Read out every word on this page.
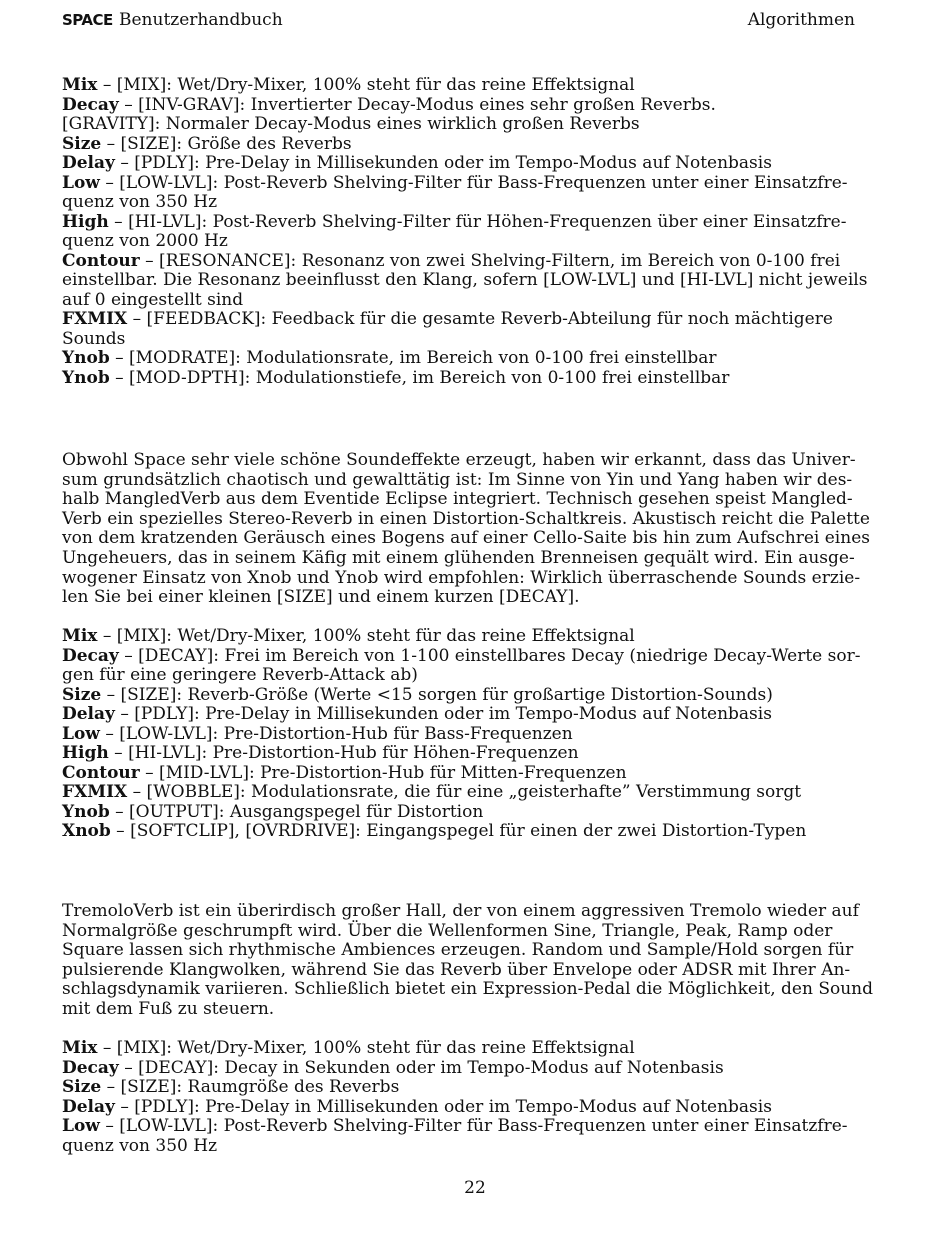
SPACE Benutzerhandbuch	Algorithmen
Mix – [MIX]: Wet/Dry-Mixer, 100% steht für das reine Effektsignal
Decay – [INV-GRAV]: Invertierter Decay-Modus eines sehr großen Reverbs.
[GRAVITY]: Normaler Decay-Modus eines wirklich großen Reverbs
Size – [SIZE]: Größe des Reverbs
Delay – [PDLY]: Pre-Delay in Millisekunden oder im Tempo-Modus auf Notenbasis
Low – [LOW-LVL]: Post-Reverb Shelving-Filter für Bass-Frequenzen unter einer Einsatzfre-
quenz von 350 Hz
High – [HI-LVL]: Post-Reverb Shelving-Filter für Höhen-Frequenzen über einer Einsatzfre-
quenz von 2000 Hz
Contour – [RESONANCE]: Resonanz von zwei Shelving-Filtern, im Bereich von 0-100 frei
einstellbar. Die Resonanz beeinflusst den Klang, sofern [LOW-LVL] und [HI-LVL] nicht jeweils
auf 0 eingestellt sind
FXMIX – [FEEDBACK]: Feedback für die gesamte Reverb-Abteilung für noch mächtigere
Sounds
Ynob – [MODRATE]: Modulationsrate, im Bereich von 0-100 frei einstellbar
Ynob – [MOD-DPTH]: Modulationstiefe, im Bereich von 0-100 frei einstellbar
Obwohl Space sehr viele schöne Soundeffekte erzeugt, haben wir erkannt, dass das Univer-
sum grundsätzlich chaotisch und gewalttätig ist: Im Sinne von Yin und Yang haben wir des-
halb MangledVerb aus dem Eventide Eclipse integriert. Technisch gesehen speist Mangled-
Verb ein spezielles Stereo-Reverb in einen Distortion-Schaltkreis. Akustisch reicht die Palette
von dem kratzenden Geräusch eines Bogens auf einer Cello-Saite bis hin zum Aufschrei eines
Ungeheuers, das in seinem Käfig mit einem glühenden Brenneisen gequält wird. Ein ausge-
wogener Einsatz von Xnob und Ynob wird empfohlen: Wirklich überraschende Sounds erzie-
len Sie bei einer kleinen [SIZE] und einem kurzen [DECAY].
Mix – [MIX]: Wet/Dry-Mixer, 100% steht für das reine Effektsignal
Decay – [DECAY]: Frei im Bereich von 1-100 einstellbares Decay (niedrige Decay-Werte sor-
gen für eine geringere Reverb-Attack ab)
Size – [SIZE]: Reverb-Größe (Werte <15 sorgen für großartige Distortion-Sounds)
Delay – [PDLY]: Pre-Delay in Millisekunden oder im Tempo-Modus auf Notenbasis
Low – [LOW-LVL]: Pre-Distortion-Hub für Bass-Frequenzen
High – [HI-LVL]: Pre-Distortion-Hub für Höhen-Frequenzen
Contour – [MID-LVL]: Pre-Distortion-Hub für Mitten-Frequenzen
FXMIX – [WOBBLE]: Modulationsrate, die für eine „geisterhafte” Verstimmung sorgt
Ynob – [OUTPUT]: Ausgangspegel für Distortion
Xnob – [SOFTCLIP], [OVRDRIVE]: Eingangspegel für einen der zwei Distortion-Typen
TremoloVerb ist ein überirdisch großer Hall, der von einem aggressiven Tremolo wieder auf
Normalgröße geschrumpft wird. Über die Wellenformen Sine, Triangle, Peak, Ramp oder
Square lassen sich rhythmische Ambiences erzeugen. Random und Sample/Hold sorgen für
pulsierende Klangwolken, während Sie das Reverb über Envelope oder ADSR mit Ihrer An-
schlagsdynamik variieren. Schließlich bietet ein Expression-Pedal die Möglichkeit, den Sound
mit dem Fuß zu steuern.
Mix – [MIX]: Wet/Dry-Mixer, 100% steht für das reine Effektsignal
Decay – [DECAY]: Decay in Sekunden oder im Tempo-Modus auf Notenbasis
Size – [SIZE]: Raumgröße des Reverbs
Delay – [PDLY]: Pre-Delay in Millisekunden oder im Tempo-Modus auf Notenbasis
Low – [LOW-LVL]: Post-Reverb Shelving-Filter für Bass-Frequenzen unter einer Einsatzfre-
quenz von 350 Hz
22
